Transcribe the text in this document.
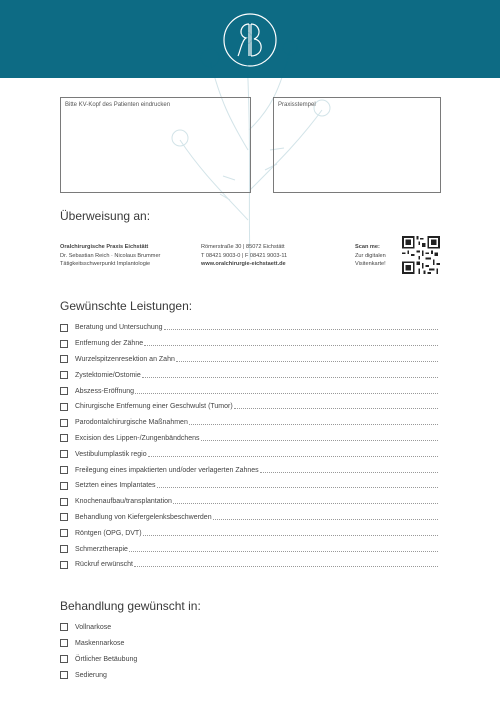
Bitte KV-Kopf des Patienten eindrucken	Praxisstempel
Überweisung an:
Oralchirurgische Praxis Eichstätt
Dr. Sebastian Reich · Nicolaus Brummer
Tätigkeitsschwerpunkt Implantologie
Römerstraße 30 | 85072 Eichstätt
T 08421 9003-0 | F 08421 9003-11
www.oralchirurgie-eichstaett.de
Scan me:
Zur digitalen
Visitenkarte!
Gewünschte Leistungen:
Beratung und Untersuchung
Entfernung der Zähne
Wurzelspitzenresektion an Zahn
Zystektomie/Ostomie
Abszess-Eröffnung
Chirurgische Entfernung einer Geschwulst (Tumor)
Parodontalchirurgische Maßnahmen
Excision des Lippen-/Zungenbändchens
Vestibulumplastik regio
Freilegung eines impaktierten und/oder verlagerten Zahnes
Setzten eines Implantates
Knochenaufbau/transplantation
Behandlung von Kiefergelenksbeschwerden
Röntgen (OPG, DVT)
Schmerztherapie
Rückruf erwünscht
Behandlung gewünscht in:
Vollnarkose
Maskennarkose
Örtlicher Betäubung
Sedierung
